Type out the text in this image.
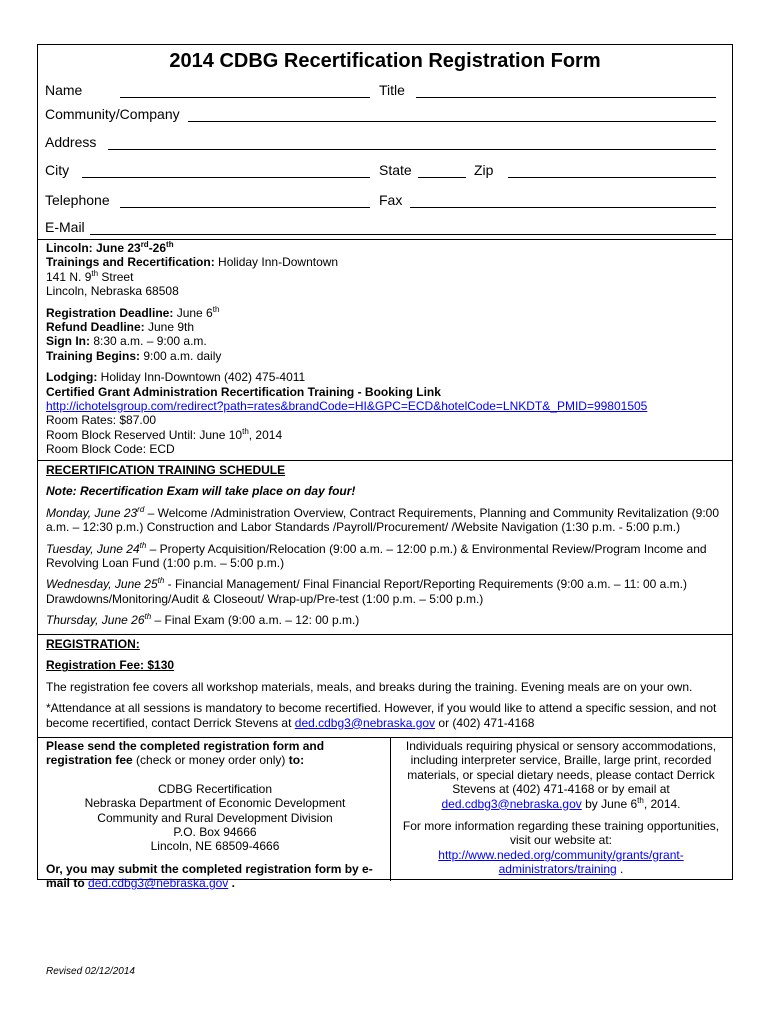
2014 CDBG Recertification Registration Form
Name	Title
Community/Company
Address
City	State	Zip
Telephone	Fax
E-Mail

Lincoln: June 23rd-26th

Trainings and Recertification: Holiday Inn-Downtown

141 N. 9th Street

Lincoln, Nebraska 68508

Registration Deadline: June 6th

Refund Deadline: June 9th

Sign In: 8:30 a.m. – 9:00 a.m.

Training Begins: 9:00 a.m. daily

Lodging: Holiday Inn-Downtown (402) 475-4011

Certified Grant Administration Recertification Training - Booking Link

http://ichotelsgroup.com/redirect?path=rates&brandCode=HI&GPC=ECD&hotelCode=LNKDT&_PMID=99801505

Room Rates: $87.00

Room Block Reserved Until: June 10th, 2014

Room Block Code: ECD

RECERTIFICATION TRAINING SCHEDULE

Note: Recertification Exam will take place on day four!

Monday, June 23rd – Welcome /Administration Overview, Contract Requirements, Planning and Community Revitalization (9:00 a.m. – 12:30 p.m.) Construction and Labor Standards /Payroll/Procurement/ /Website Navigation (1:30 p.m. - 5:00 p.m.)

Tuesday, June 24th – Property Acquisition/Relocation (9:00 a.m. – 12:00 p.m.) & Environmental Review/Program Income and Revolving Loan Fund (1:00 p.m. – 5:00 p.m.)

Wednesday, June 25th - Financial Management/ Final Financial Report/Reporting Requirements (9:00 a.m. – 11: 00 a.m.) Drawdowns/Monitoring/Audit & Closeout/ Wrap-up/Pre-test (1:00 p.m. – 5:00 p.m.)

Thursday, June 26th – Final Exam (9:00 a.m. – 12: 00 p.m.)

REGISTRATION:

Registration Fee: $130

The registration fee covers all workshop materials, meals, and breaks during the training. Evening meals are on your own.

*Attendance at all sessions is mandatory to become recertified. However, if you would like to attend a specific session, and not become recertified, contact Derrick Stevens at ded.cdbg3@nebraska.gov or (402) 471-4168

Please send the completed registration form and registration fee (check or money order only) to:

CDBG Recertification

Nebraska Department of Economic Development

Community and Rural Development Division

P.O. Box 94666

Lincoln, NE 68509-4666

Or, you may submit the completed registration form by e-mail to ded.cdbg3@nebraska.gov .

Individuals requiring physical or sensory accommodations, including interpreter service, Braille, large print, recorded materials, or special dietary needs, please contact Derrick Stevens at (402) 471-4168 or by email at

ded.cdbg3@nebraska.gov by June 6th, 2014.

For more information regarding these training opportunities, visit our website at:

http://www.neded.org/community/grants/grant-administrators/training .

Revised 02/12/2014
